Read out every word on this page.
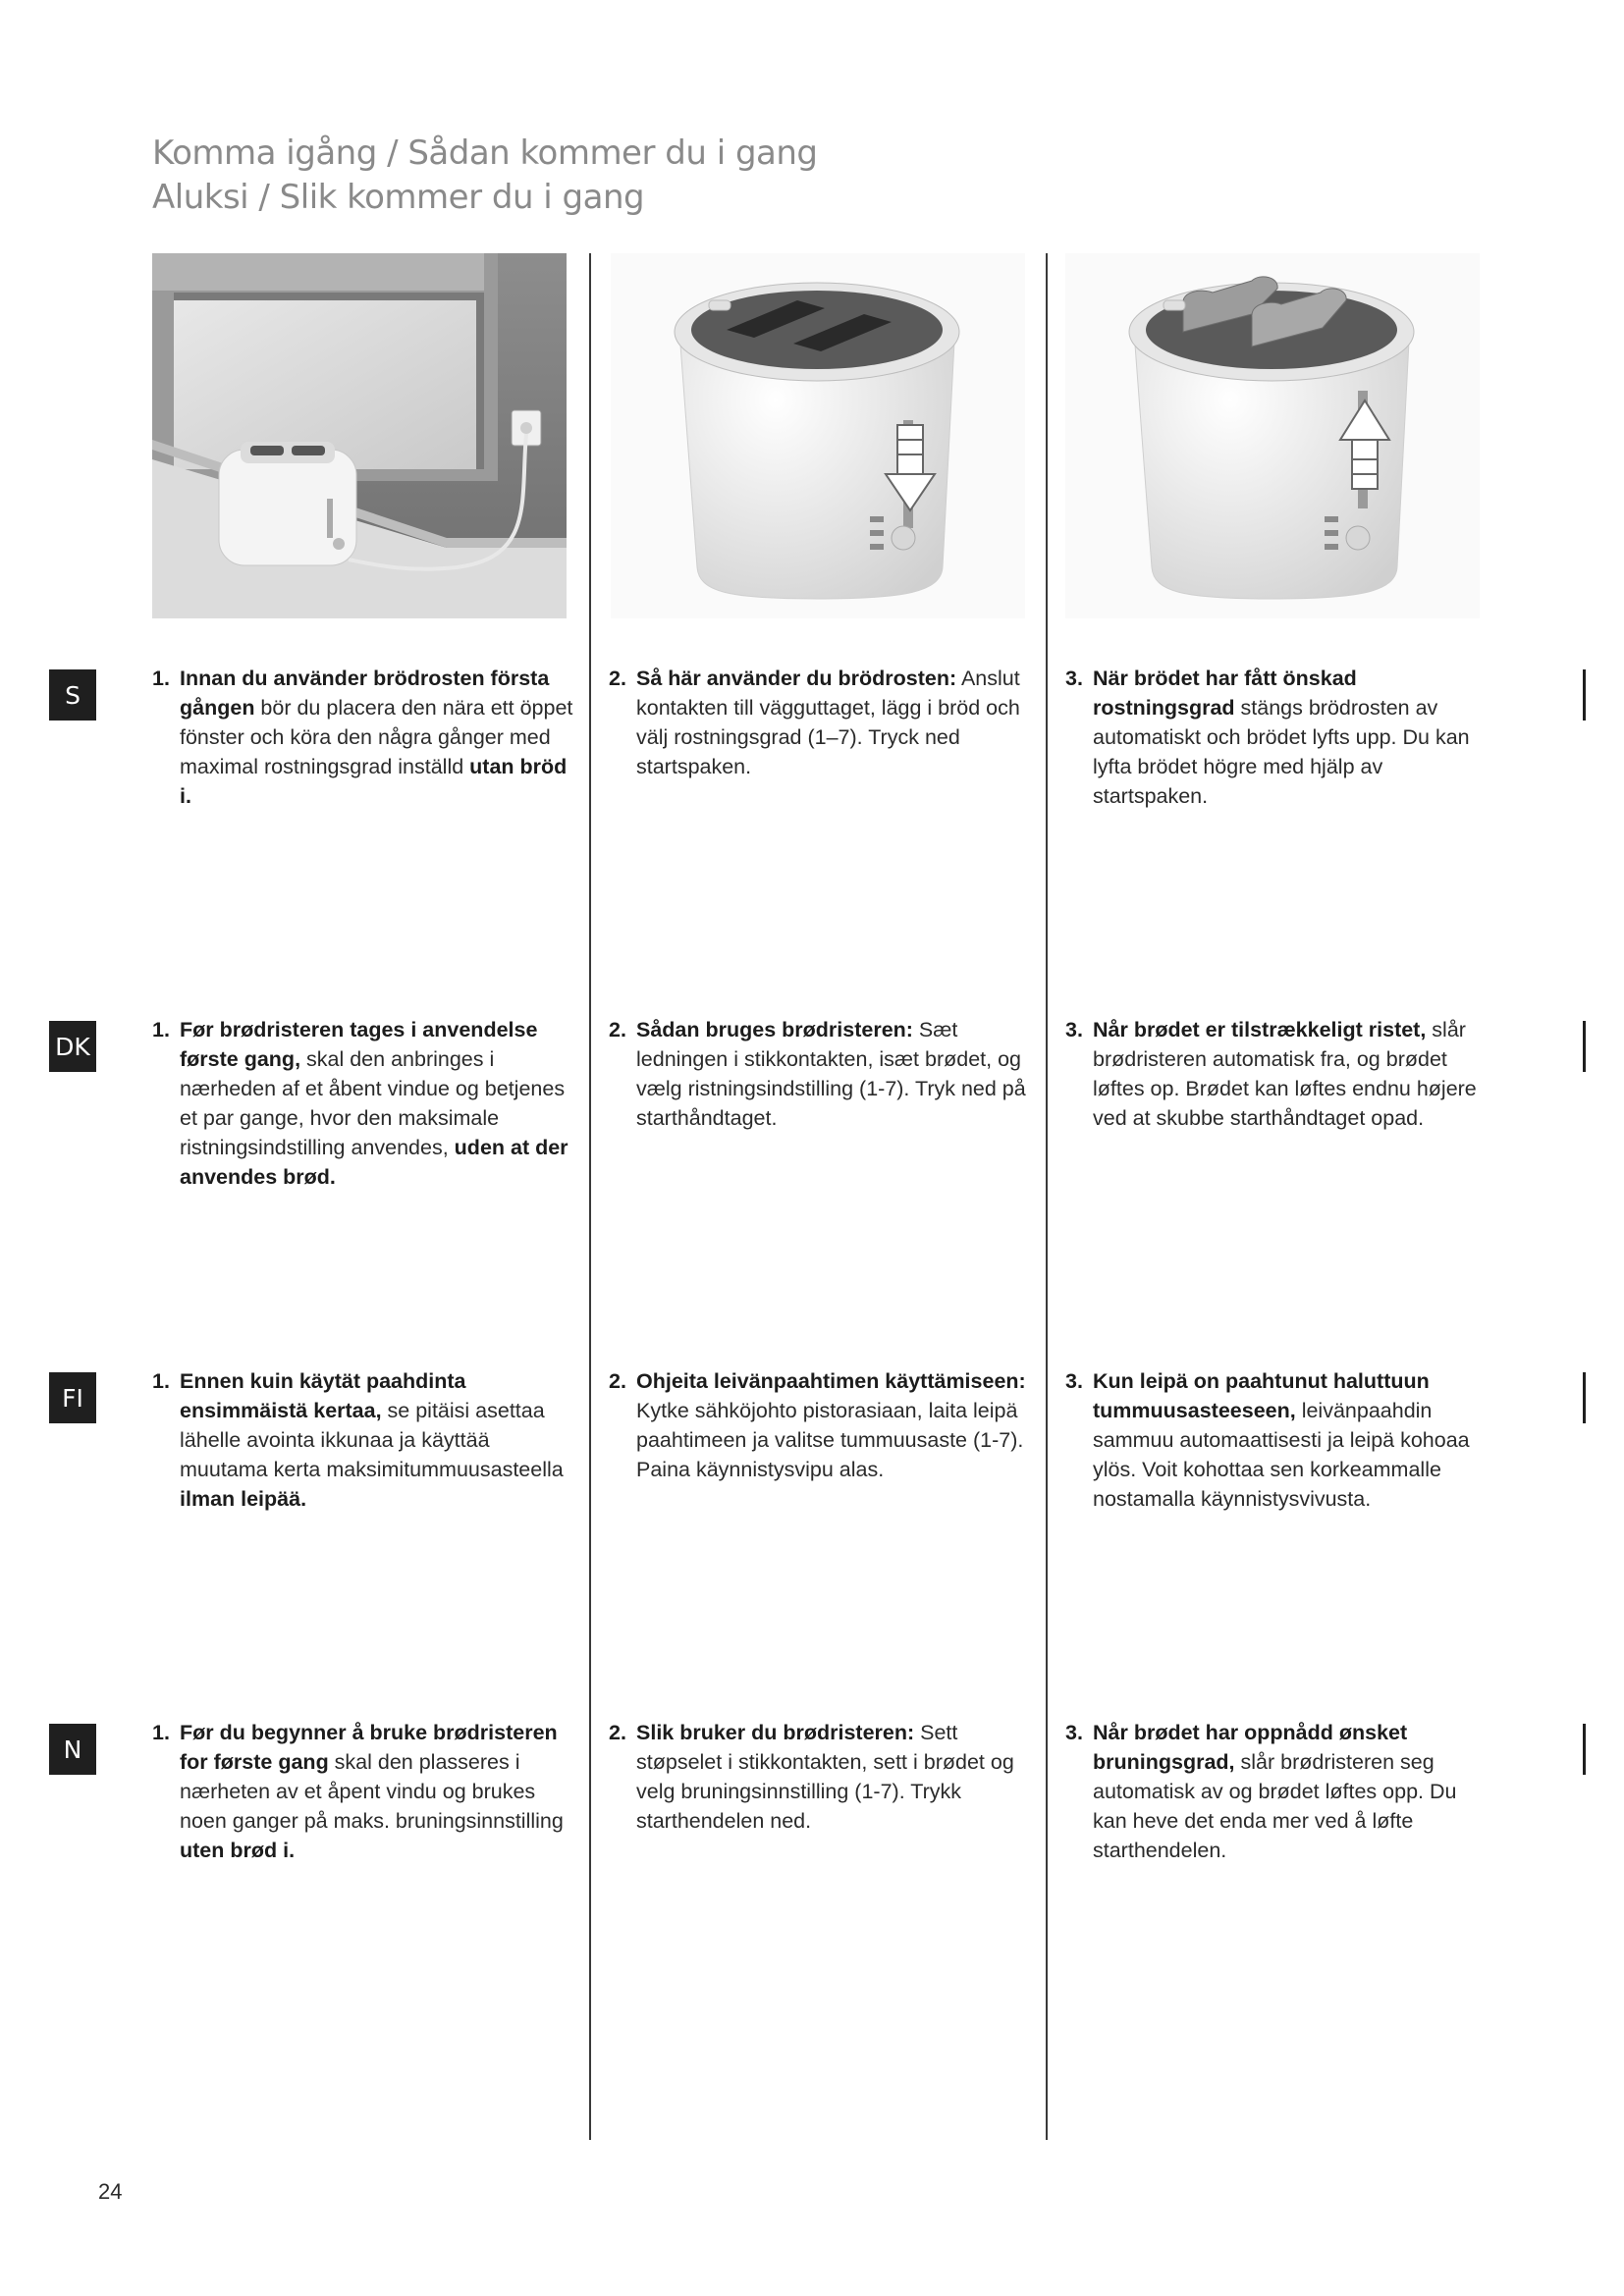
Komma igång / Sådan kommer du i gang
Aluksi / Slik kommer du i gang
S
DK
FI
N
1. Innan du använder brödrosten första gången bör du placera den nära ett öppet fönster och köra den några gånger med maximal rostningsgrad inställd utan bröd i.
2. Så här använder du brödrosten: Anslut kontakten till vägguttaget, lägg i bröd och välj rostningsgrad (1–7). Tryck ned startspaken.
3. När brödet har fått önskad rostningsgrad stängs brödrosten av automatiskt och brödet lyfts upp. Du kan lyfta brödet högre med hjälp av startspaken.
1. Før brødristeren tages i anvendelse første gang, skal den anbringes i nærheden af et åbent vindue og betjenes et par gange, hvor den maksimale ristningsindstilling anvendes, uden at der anvendes brød.
2. Sådan bruges brødristeren: Sæt ledningen i stikkontakten, isæt brødet, og vælg ristningsindstilling (1-7). Tryk ned på starthåndtaget.
3. Når brødet er tilstrækkeligt ristet, slår brødristeren automatisk fra, og brødet løftes op. Brødet kan løftes endnu højere ved at skubbe starthåndtaget opad.
1. Ennen kuin käytät paahdinta ensimmäistä kertaa, se pitäisi asettaa lähelle avointa ikkunaa ja käyttää muutama kerta maksimitummuusasteella ilman leipää.
2. Ohjeita leivänpaahtimen käyttämiseen: Kytke sähköjohto pistorasiaan, laita leipä paahtimeen ja valitse tummuusaste (1-7). Paina käynnistysvipu alas.
3. Kun leipä on paahtunut haluttuun tummuusasteeseen, leivänpaahdin sammuu automaattisesti ja leipä kohoaa ylös. Voit kohottaa sen korkeammalle nostamalla käynnistysvivusta.
1. Før du begynner å bruke brødristeren for første gang skal den plasseres i nærheten av et åpent vindu og brukes noen ganger på maks. bruningsinnstilling uten brød i.
2. Slik bruker du brødristeren: Sett støpselet i stikkontakten, sett i brødet og velg bruningsinnstilling (1-7). Trykk starthendelen ned.
3. Når brødet har oppnådd ønsket bruningsgrad, slår brødristeren seg automatisk av og brødet løftes opp. Du kan heve det enda mer ved å løfte starthendelen.
24
